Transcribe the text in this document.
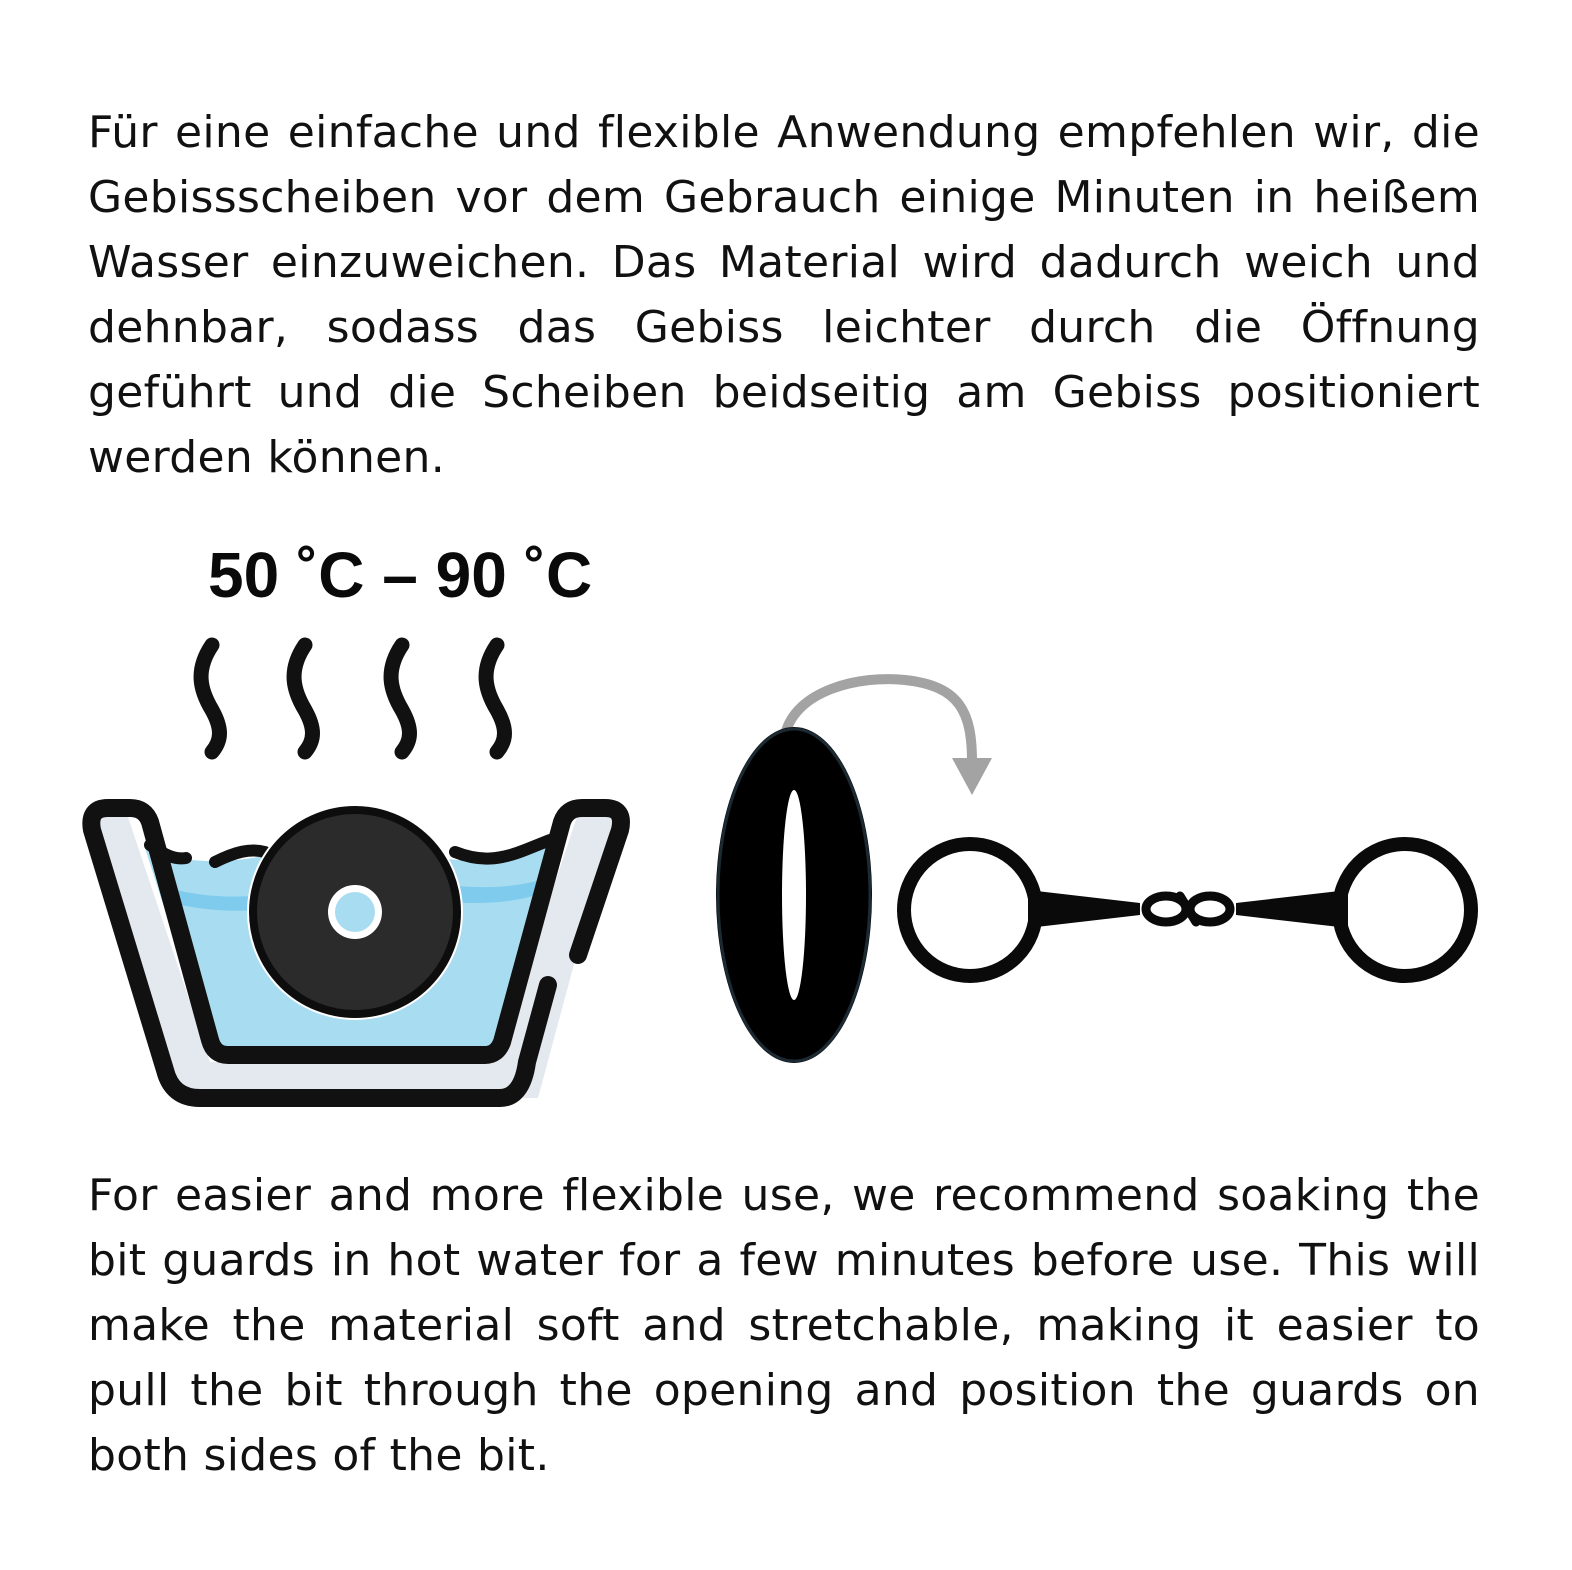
Für eine einfache und flexible Anwendung empfehlen wir, die Gebissscheiben vor dem Gebrauch einige Minuten in heißem Wasser einzuweichen. Das Material wird dadurch weich und dehnbar, sodass das Gebiss leichter durch die Öffnung geführt und die Scheiben beidseitig am Gebiss positioniert werden können.

50 ˚C – 90 ˚C

For easier and more flexible use, we recommend soaking the bit guards in hot water for a few minutes before use. This will make the material soft and stretchable, making it easier to pull the bit through the opening and position the guards on both sides of the bit.
